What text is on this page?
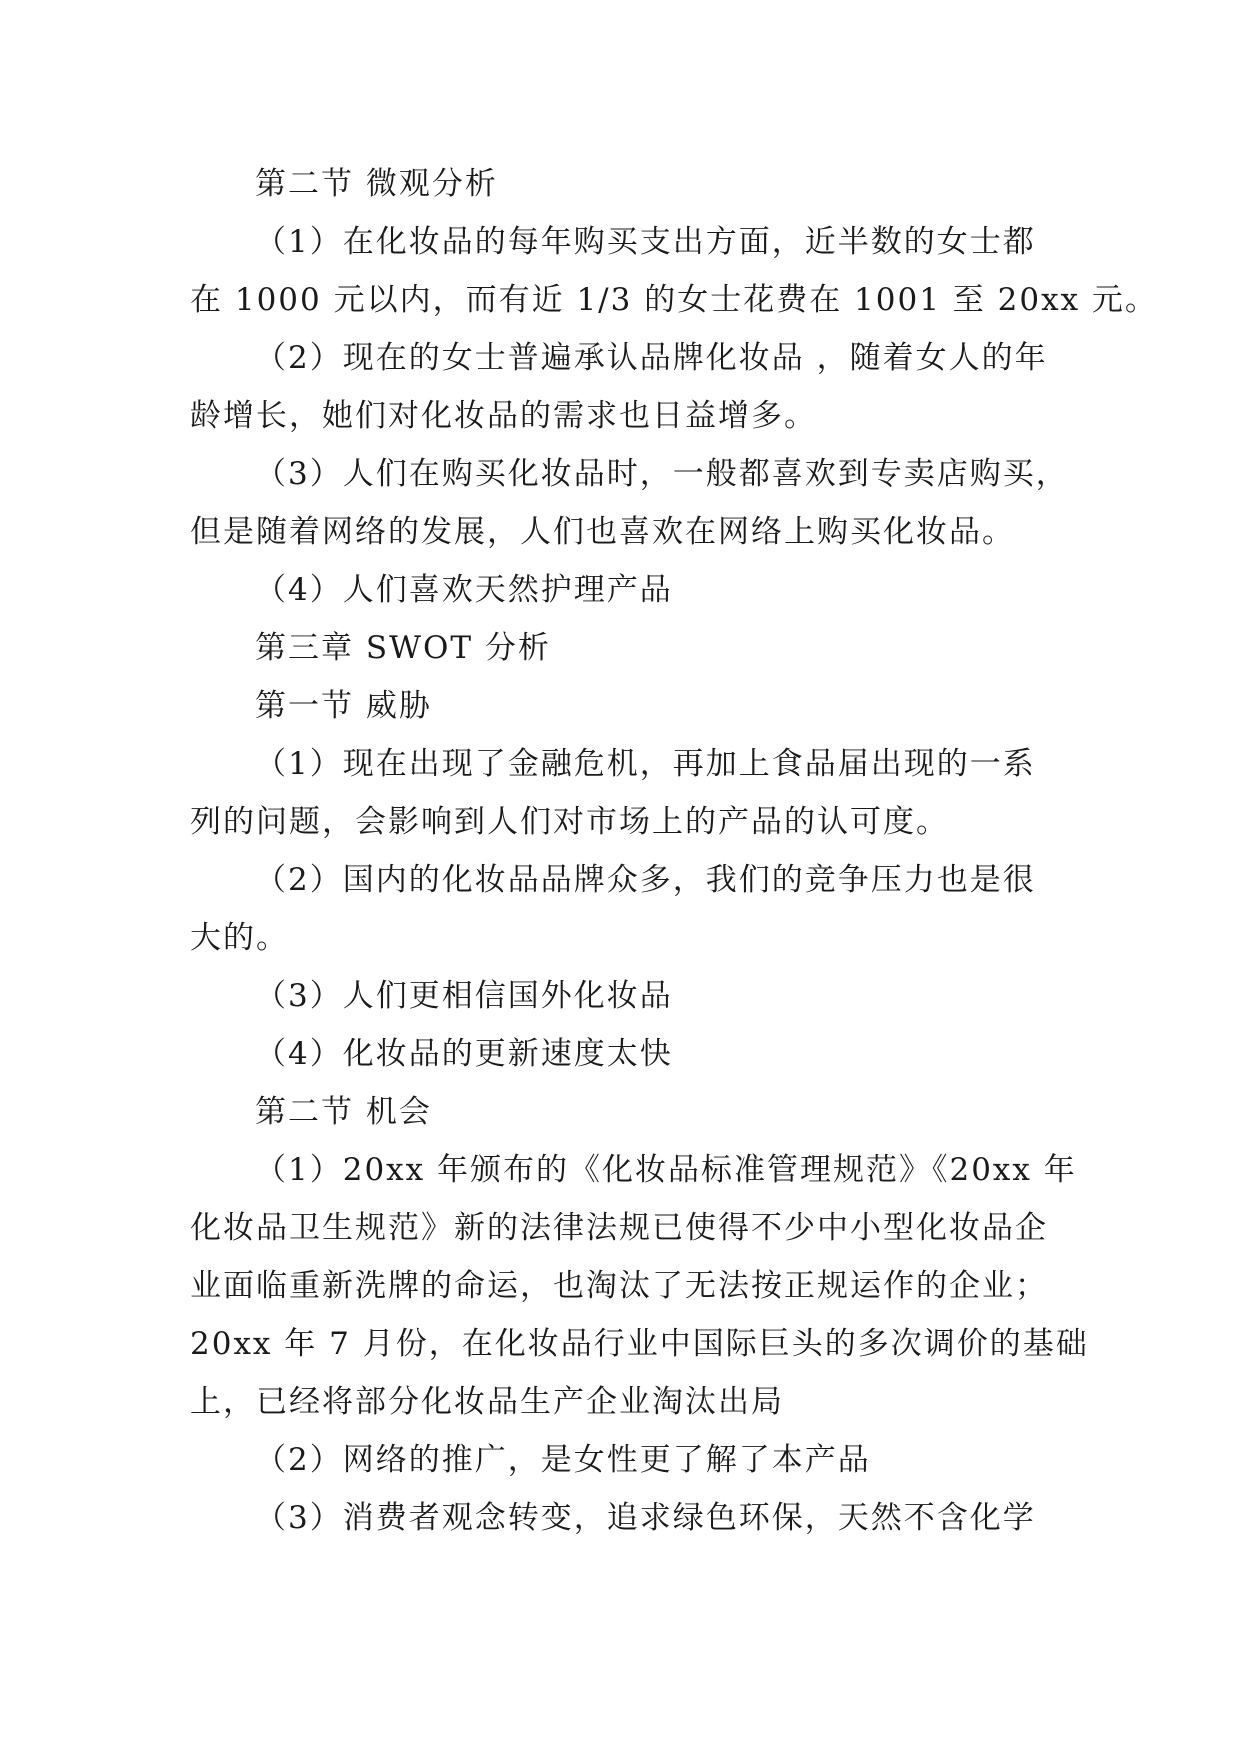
第二节 微观分析
（1）在化妆品的每年购买支出方面，近半数的女士都
在 1000 元以内，而有近 1/3 的女士花费在 1001 至 20xx 元。
（2）现在的女士普遍承认品牌化妆品 ，随着女人的年
龄增长，她们对化妆品的需求也日益增多。
（3）人们在购买化妆品时，一般都喜欢到专卖店购买，
但是随着网络的发展，人们也喜欢在网络上购买化妆品。
（4）人们喜欢天然护理产品
第三章 SWOT 分析
第一节 威胁
（1）现在出现了金融危机，再加上食品届出现的一系
列的问题，会影响到人们对市场上的产品的认可度。
（2）国内的化妆品品牌众多，我们的竞争压力也是很
大的。
（3）人们更相信国外化妆品
（4）化妆品的更新速度太快
第二节 机会
（1）20xx 年颁布的《化妆品标准管理规范》《20xx 年
化妆品卫生规范》新的法律法规已使得不少中小型化妆品企
业面临重新洗牌的命运，也淘汰了无法按正规运作的企业；
20xx 年 7 月份，在化妆品行业中国际巨头的多次调价的基础
上，已经将部分化妆品生产企业淘汰出局
（2）网络的推广，是女性更了解了本产品
（3）消费者观念转变，追求绿色环保，天然不含化学
